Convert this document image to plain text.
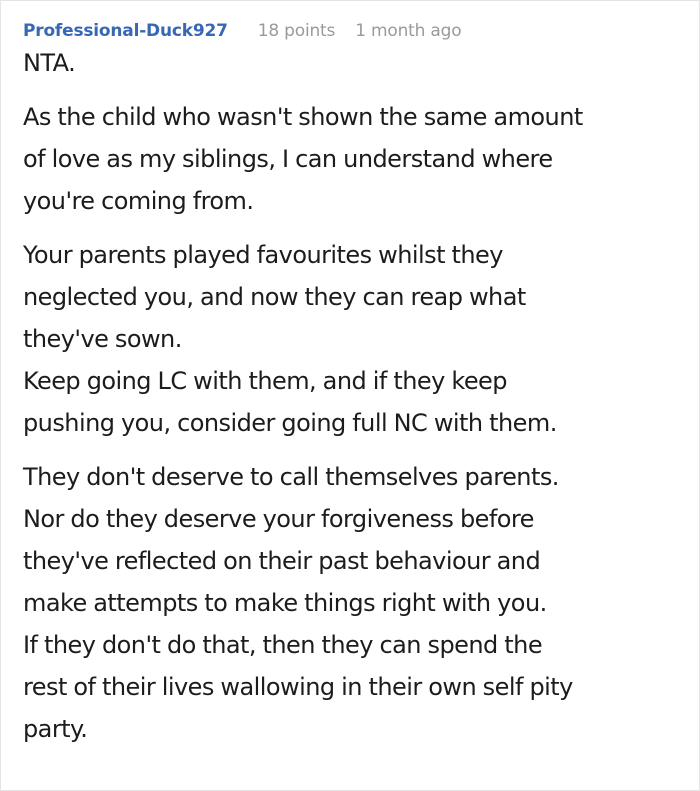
Professional-Duck927 18 points 1 month ago

NTA.

As the child who wasn't shown the same amount
of love as my siblings, I can understand where
you're coming from.

Your parents played favourites whilst they
neglected you, and now they can reap what
they've sown.
Keep going LC with them, and if they keep
pushing you, consider going full NC with them.

They don't deserve to call themselves parents.
Nor do they deserve your forgiveness before
they've reflected on their past behaviour and
make attempts to make things right with you.
If they don't do that, then they can spend the
rest of their lives wallowing in their own self pity
party.
